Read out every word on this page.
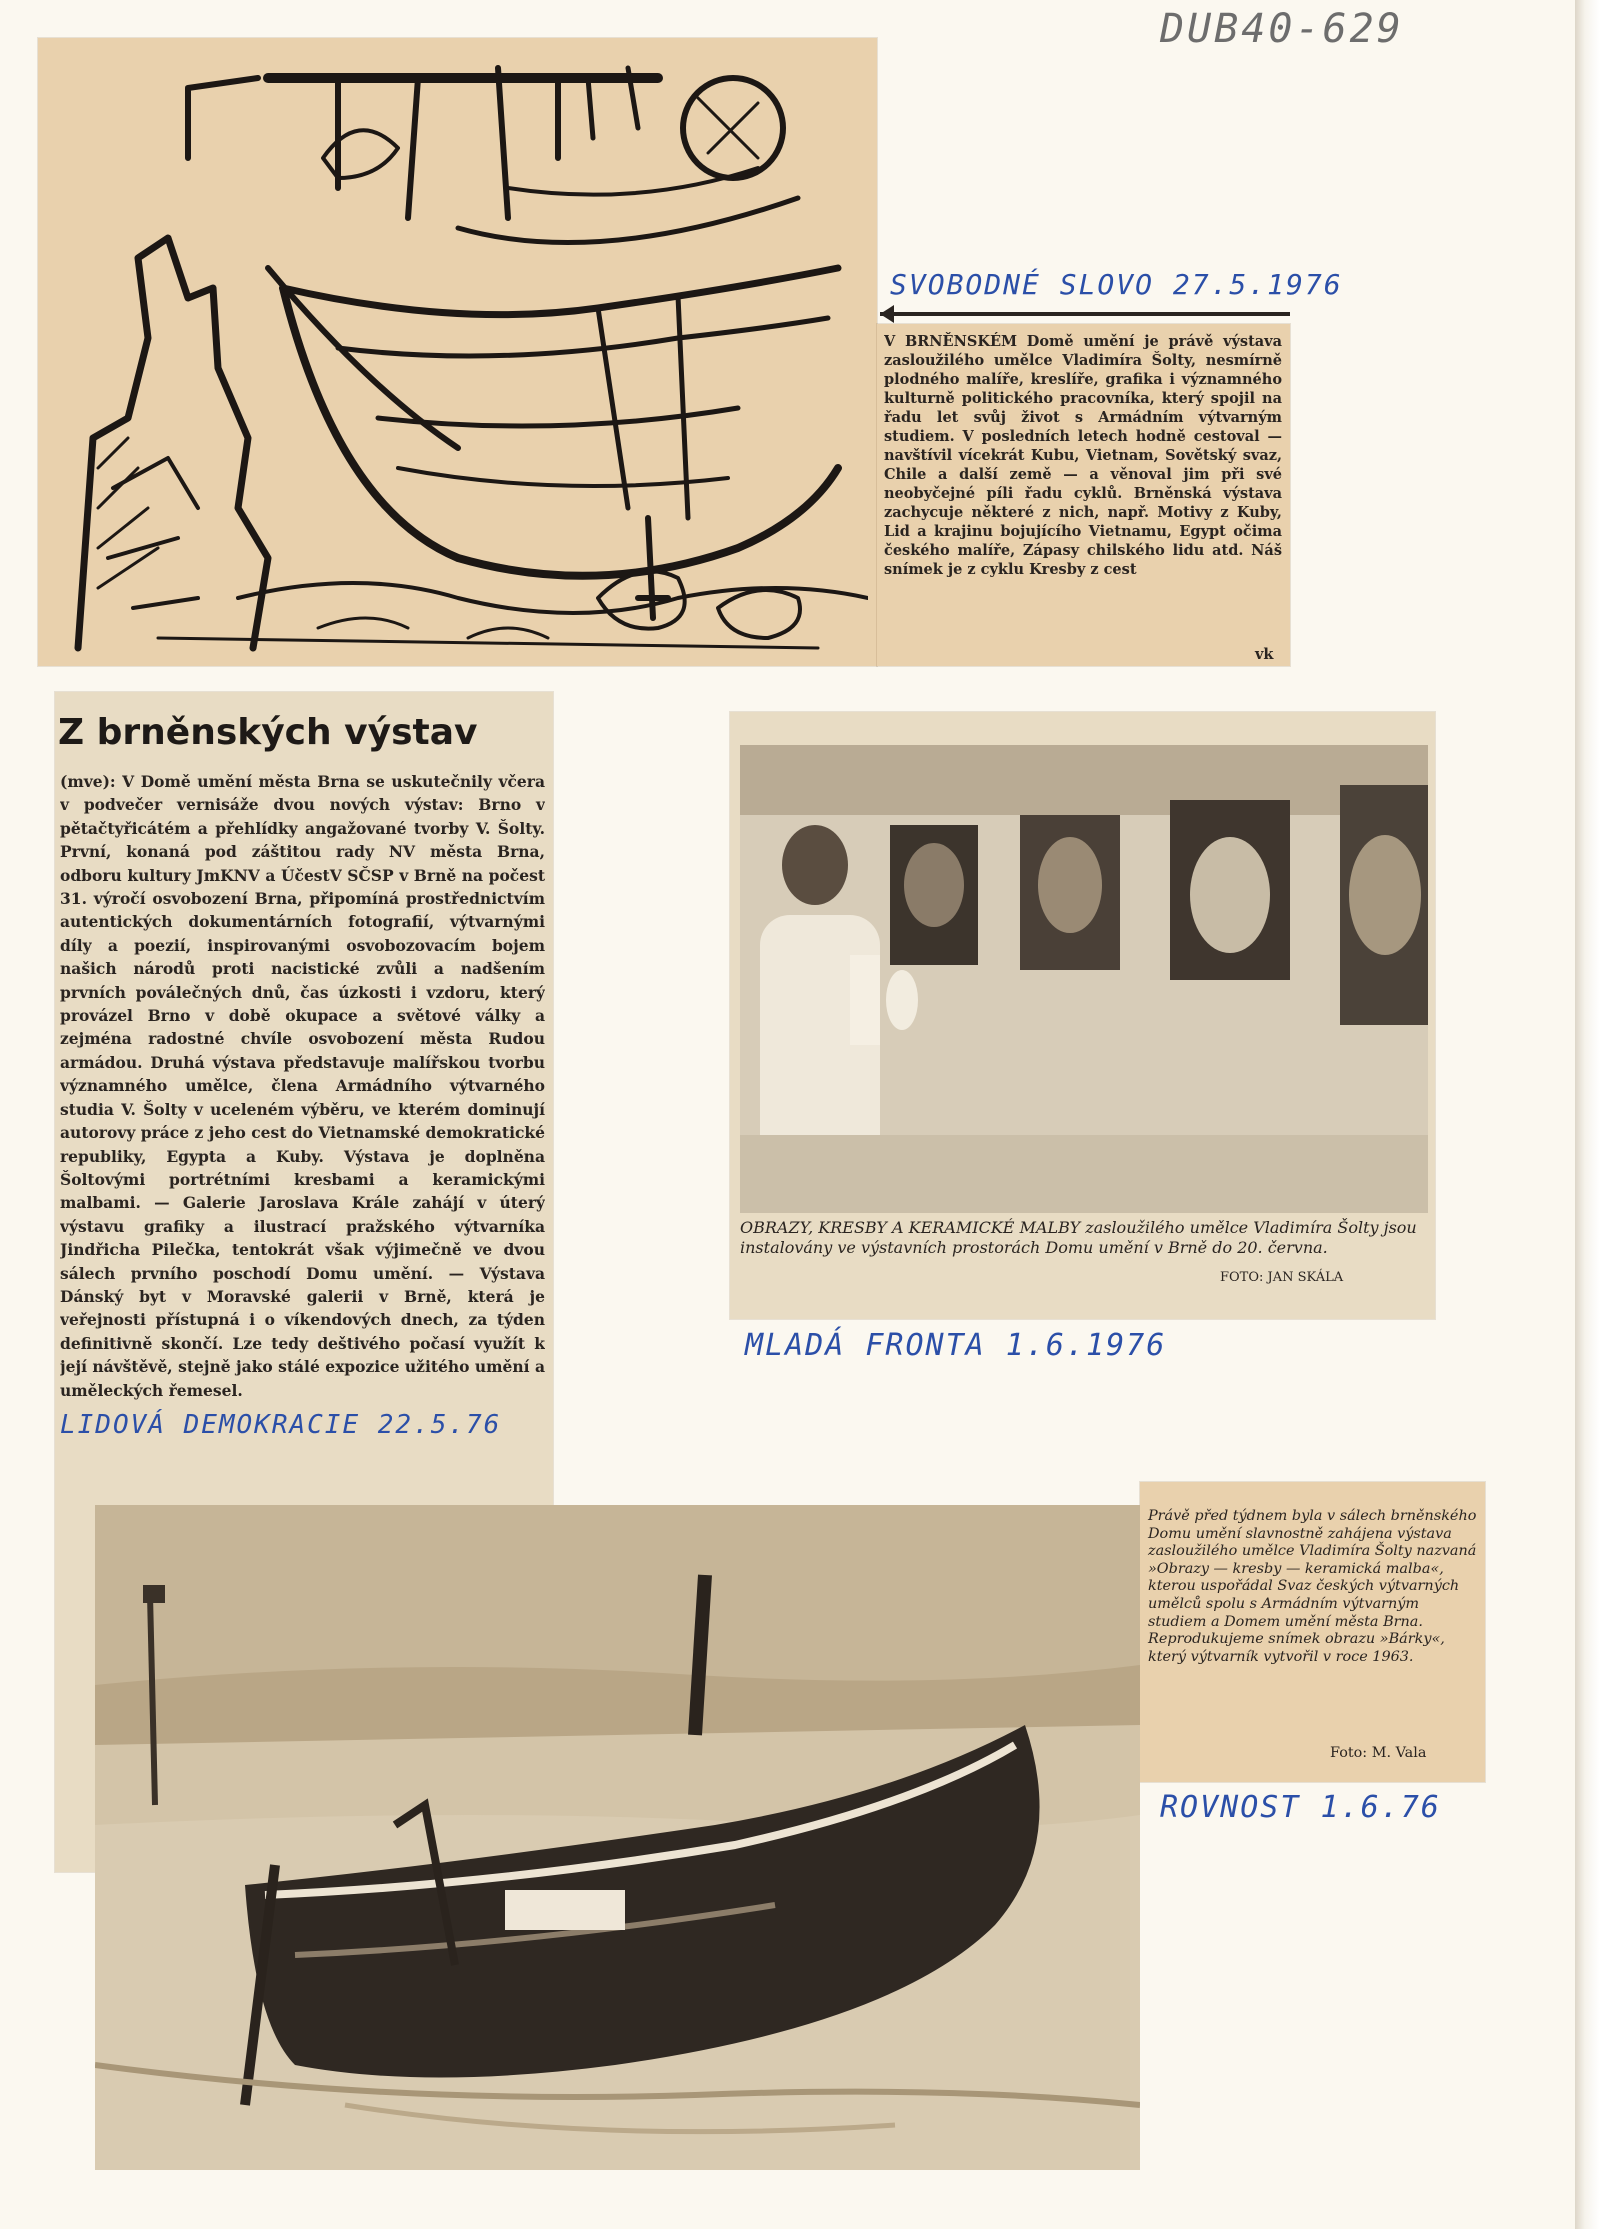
DUB40-629
SVOBODNÉ SLOVO 27.5.1976
V BRNĚNSKÉM Domě umění je právě výstava zasloužilého umělce Vladimíra Šolty, nesmírně plodného malíře, kreslíře, grafika i významného kulturně politického pracovníka, který spojil na řadu let svůj život s Armádním výtvarným studiem. V posledních letech hodně cestoval — navštívil vícekrát Kubu, Vietnam, Sovětský svaz, Chile a další země — a věnoval jim při své neobyčejné píli řadu cyklů. Brněnská výstava zachycuje některé z nich, např. Motivy z Kuby, Lid a krajinu bojujícího Vietnamu, Egypt očima českého malíře, Zápasy chilského lidu atd. Náš snímek je z cyklu Kresby z cest
vk
Z brněnských výstav
(mve): V Domě umění města Brna se uskutečnily včera v podvečer vernisáže dvou nových výstav: Brno v pětačtyřicátém a přehlídky angažované tvorby V. Šolty. První, konaná pod záštitou rady NV města Brna, odboru kultury JmKNV a ÚčestV SČSP v Brně na počest 31. výročí osvobození Brna, připomíná prostřednictvím autentických dokumentárních fotografií, výtvarnými díly a poezií, inspirovanými osvobozovacím bojem našich národů proti nacistické zvůli a nadšením prvních poválečných dnů, čas úzkosti i vzdoru, který provázel Brno v době okupace a světové války a zejména radostné chvíle osvobození města Rudou armádou. Druhá výstava představuje malířskou tvorbu významného umělce, člena Armádního výtvarného studia V. Šolty v uceleném výběru, ve kterém dominují autorovy práce z jeho cest do Vietnamské demokratické republiky, Egypta a Kuby. Výstava je doplněna Šoltovými portrétními kresbami a keramickými malbami. — Galerie Jaroslava Krále zahájí v úterý výstavu grafiky a ilustrací pražského výtvarníka Jindřicha Pilečka, tentokrát však výjimečně ve dvou sálech prvního poschodí Domu umění. — Výstava Dánský byt v Moravské galerii v Brně, která je veřejnosti přístupná i o víkendových dnech, za týden definitivně skončí. Lze tedy deštivého počasí využít k její návštěvě, stejně jako stálé expozice užitého umění a uměleckých řemesel.
LIDOVÁ DEMOKRACIE 22.5.76
OBRAZY, KRESBY A KERAMICKÉ MALBY zasloužilého umělce Vladimíra Šolty jsou instalovány ve výstavních prostorách Domu umění v Brně do 20. června.
FOTO: JAN SKÁLA
MLADÁ FRONTA 1.6.1976
Právě před týdnem byla v sálech brněnského Domu umění slavnostně zahájena výstava zasloužilého umělce Vladimíra Šolty nazvaná »Obrazy — kresby — keramická malba«, kterou uspořádal Svaz českých výtvarných umělců spolu s Armádním výtvarným studiem a Domem umění města Brna. Reprodukujeme snímek obrazu »Bárky«, který výtvarník vytvořil v roce 1963.
Foto: M. Vala
ROVNOST 1.6.76
